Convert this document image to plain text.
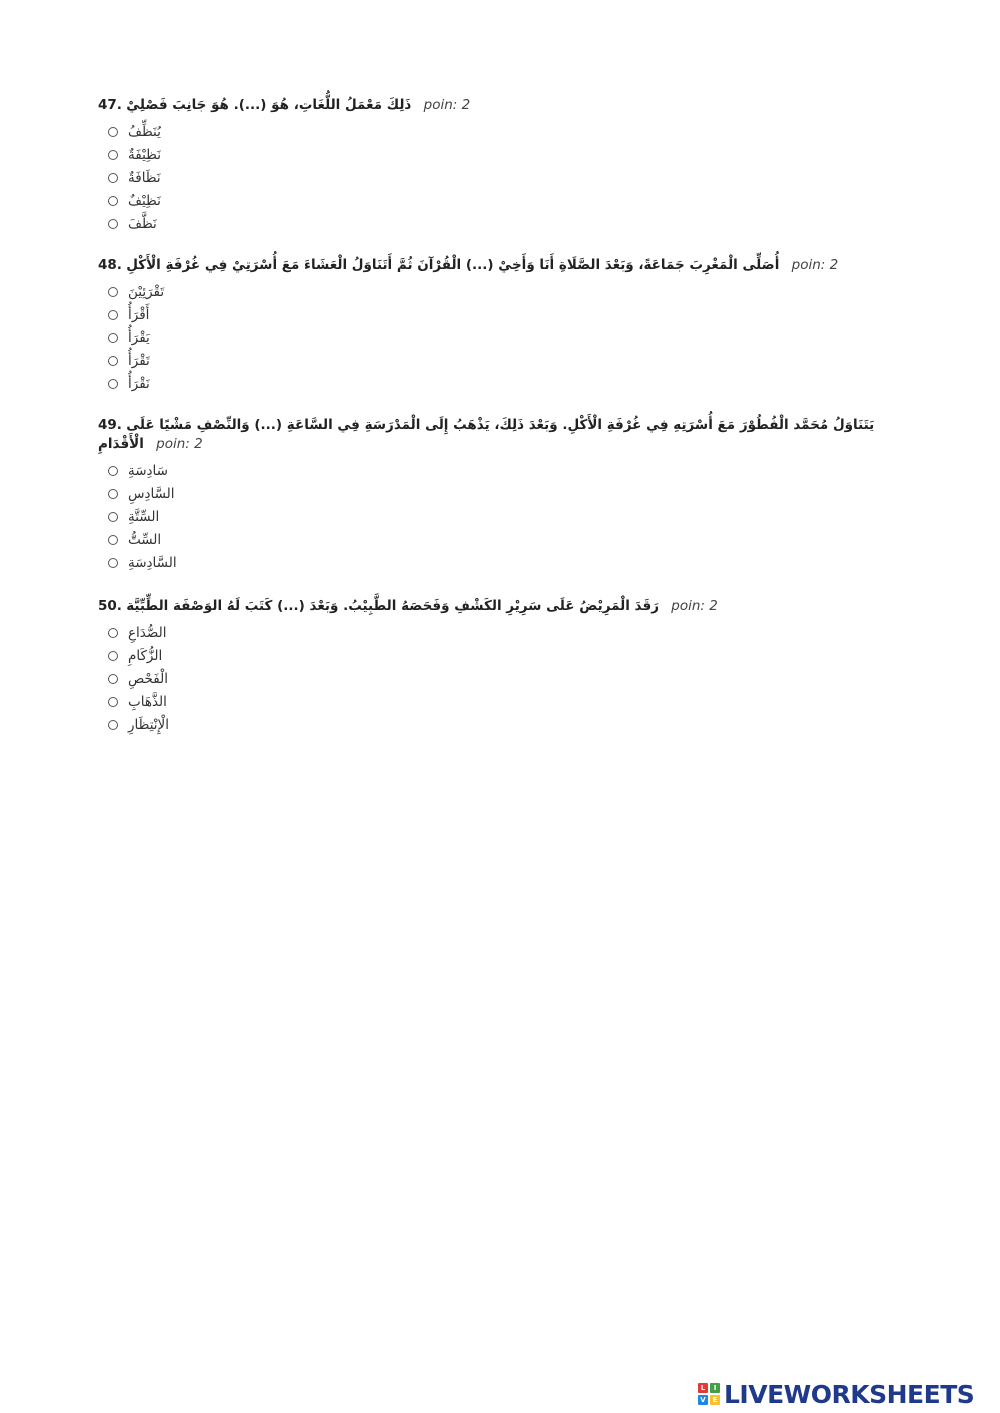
47. ذَلِكَ مَعْمَلُ اللُّغَاتِ، هُوَ (...). هُوَ جَانِبَ فَصْلِيْ poin: 2
يُنَظِّفُ
نَظِيْفَةٌ
نَظَافَةٌ
نَظِيْفٌ
نَظَّفَ
48. أُصَلِّى الْمَغْرِبَ جَمَاعَةً، وَبَعْدَ الصَّلَاةِ أَنَا وَأَخِيْ (...) الْقُرْآنَ ثُمَّ أَتَنَاوَلُ الْعَشَاءَ مَعَ أُسْرَتِيْ فِي غُرْفَةِ الْأَكْلِ poin: 2
تَقْرَئِيْنَ
أَقْرَأُ
يَقْرَأُ
تَقْرَأُ
نَقْرَأُ
49. يَتَنَاوَلُ مُحَمَّد الْفُطُوْرَ مَعَ أُسْرَتِهِ فِي غُرْفَةِ الْأَكْلِ. وَبَعْدَ ذَلِكَ، يَذْهَبُ إِلَى الْمَدْرَسَةِ فِي السَّاعَةِ (...) وَالنِّصْفِ مَشْيًا عَلَى الْأَقْدَامِ poin: 2
سَادِسَةِ
السَّادِسِ
السِّتَّةِ
السِّتُّ
السَّادِسَةِ
50. رَقَدَ الْمَرِيْضُ عَلَى سَرِيْرِ الكَشْفِ وَفَحَصَهُ الطَّبِيْبُ. وَبَعْدَ (...) كَتَبَ لَهُ الوَصْفَة الطِّبِّيَّة poin: 2
الصُّدَاعِ
الزُّكَامِ
الْفَحْصِ
الذَّهَابِ
الْإِنْتِظَارِ
L	I
V E LIVEWORKSHEETS
